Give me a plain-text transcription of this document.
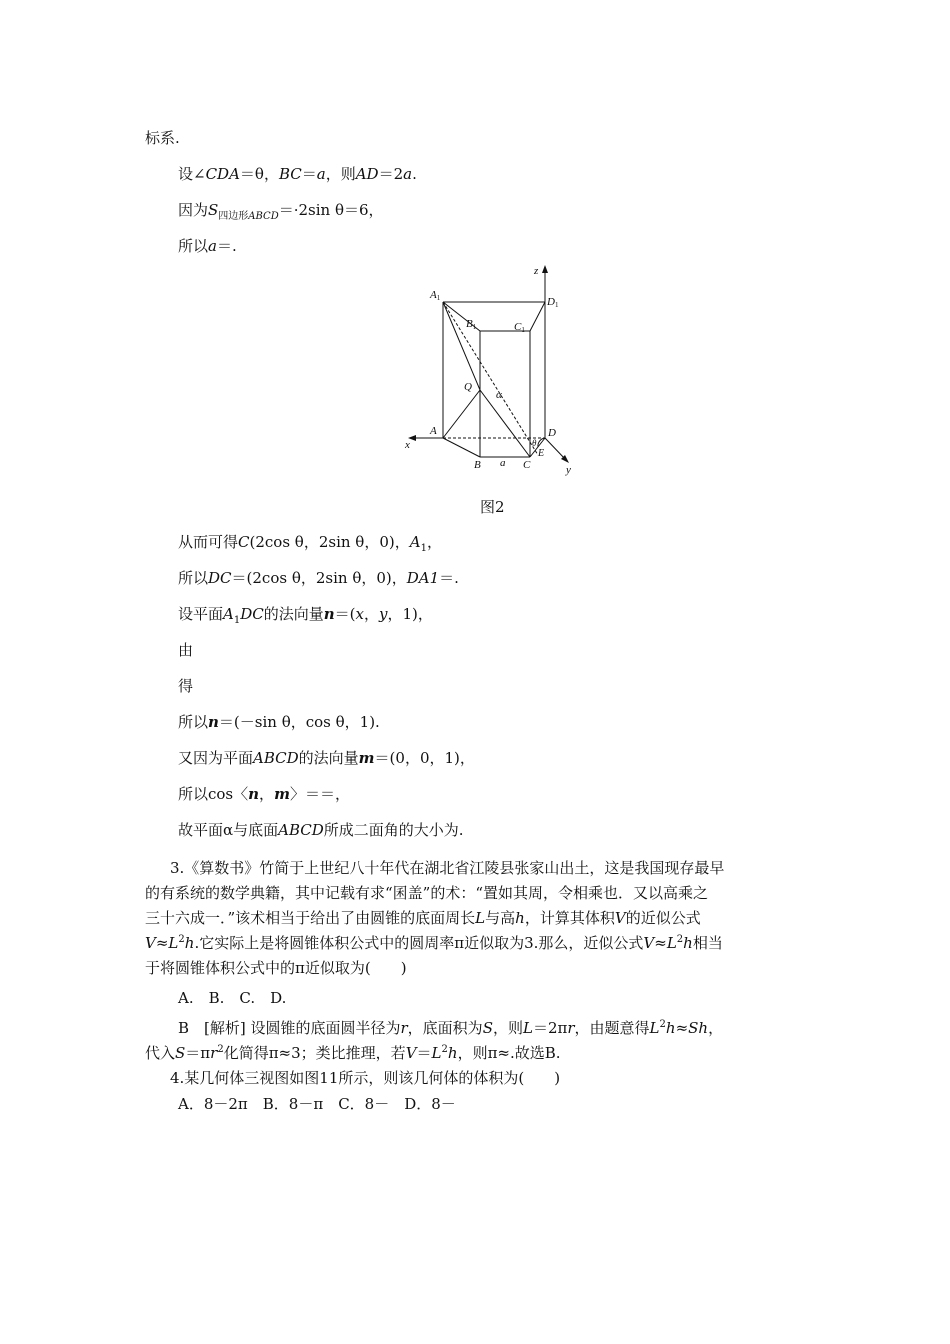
标系.
设∠CDA＝θ，BC＝a，则AD＝2a.
因为$S_{四边形ABCD}=\cdot 2\sin$ θ＝6，
所以a＝.
z
A1	D1
B1	C1
Q
α
A
x
D
θ
E
B a C	y
图2
从而可得C(2cos θ，2sin θ，0)，$A_1$，
所以DC＝(2cos θ，2sin θ，0)，DA1＝.
设平面$A_1DC$的法向量n＝(x，y，1)，
由
得
所以n＝(－sin θ，cos θ，1).
又因为平面ABCD的法向量m＝(0，0，1)，
所以cos〈n，m〉＝＝，
故平面α与底面ABCD所成二面角的大小为.
3.《算数书》竹简于上世纪八十年代在湖北省江陵县张家山出土，这是我国现存最早
的有系统的数学典籍，其中记载有求“囷盖”的术：“置如其周，令相乘也．又以高乘之
三十六成一．”该术相当于给出了由圆锥的底面周长L与高h，计算其体积V的近似公式
$V\approx L^2h$.它实际上是将圆锥体积公式中的圆周率π近似取为3.那么，近似公式$V\approx L^2h$相当
于将圆锥体积公式中的π近似取为(　　)
A.　B.　C.　D.
B　[解析] 设圆锥的底面圆半径为r，底面积为S，则L＝2πr，由题意得$L^2h\approx Sh$，
代入$S=\pi r^2$化简得π≈3；类比推理，若$V=L^2h$，则π≈.故选B.
4.某几何体三视图如图11所示，则该几何体的体积为(　　)
A．8－2π　B．8－π　C．8－　D．8－
